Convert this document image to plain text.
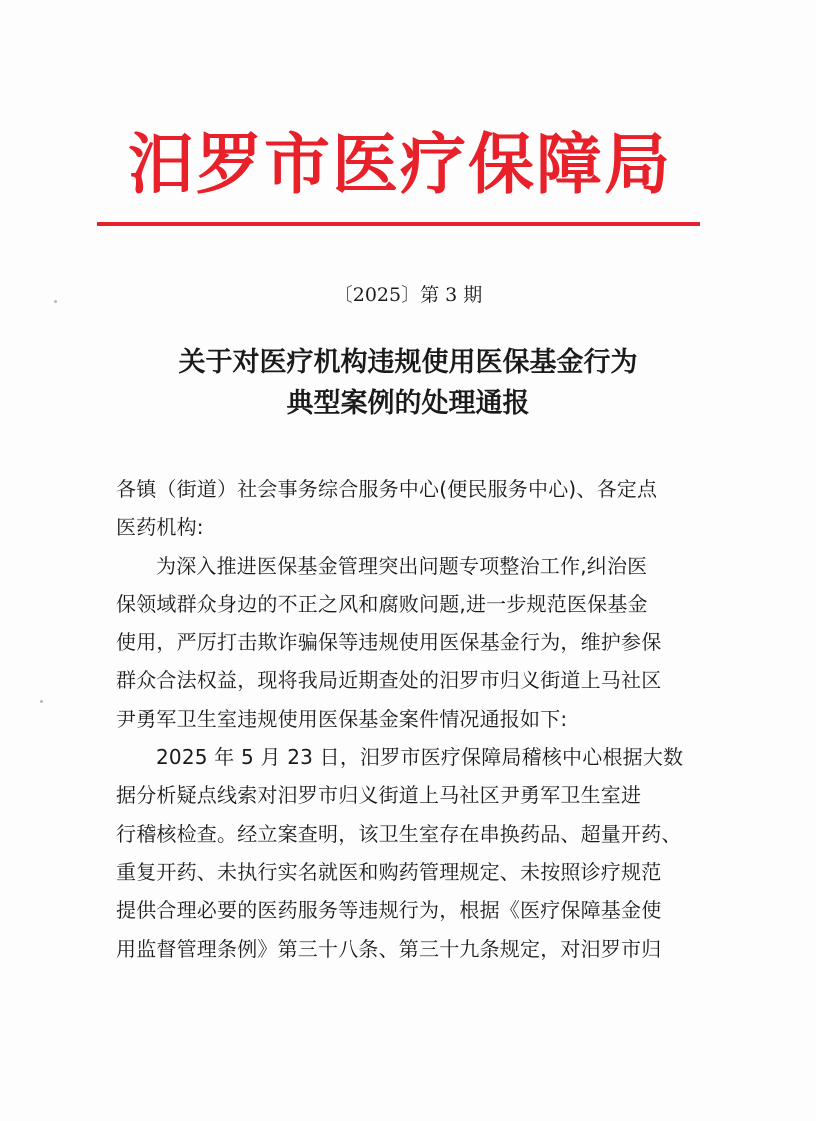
汨罗市医疗保障局
〔2025〕第 3 期
关于对医疗机构违规使用医保基金行为
典型案例的处理通报
各镇（街道）社会事务综合服务中心(便民服务中心)、各定点
医药机构:
为深入推进医保基金管理突出问题专项整治工作,纠治医
保领域群众身边的不正之风和腐败问题,进一步规范医保基金
使用，严厉打击欺诈骗保等违规使用医保基金行为，维护参保
群众合法权益，现将我局近期查处的汨罗市归义街道上马社区
尹勇军卫生室违规使用医保基金案件情况通报如下:
2025 年 5 月 23 日，汨罗市医疗保障局稽核中心根据大数
据分析疑点线索对汨罗市归义街道上马社区尹勇军卫生室进
行稽核检查。经立案查明，该卫生室存在串换药品、超量开药、
重复开药、未执行实名就医和购药管理规定、未按照诊疗规范
提供合理必要的医药服务等违规行为，根据《医疗保障基金使
用监督管理条例》第三十八条、第三十九条规定，对汨罗市归
